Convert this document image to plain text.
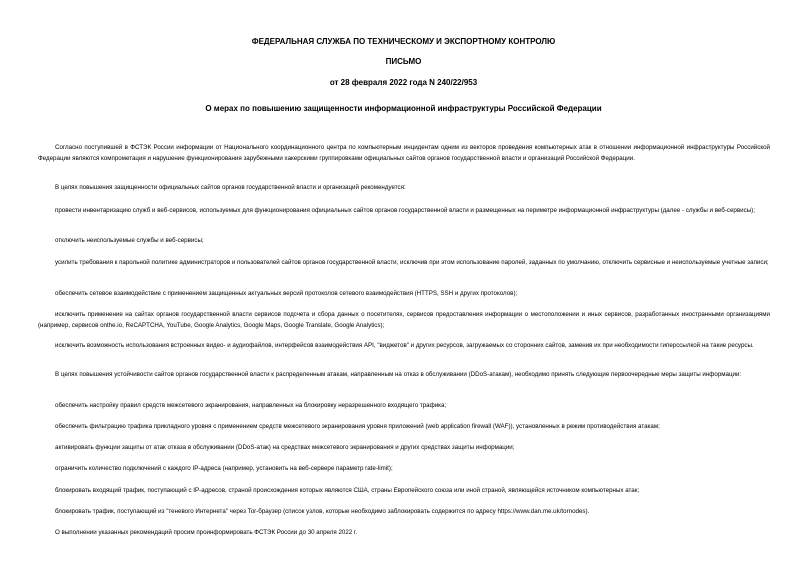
ФЕДЕРАЛЬНАЯ СЛУЖБА ПО ТЕХНИЧЕСКОМУ И ЭКСПОРТНОМУ КОНТРОЛЮ
ПИСЬМО
от 28 февраля 2022 года N 240/22/953
О мерах по повышению защищенности информационной инфраструктуры Российской Федерации

Согласно поступившей в ФСТЭК России информации от Национального координационного центра по компьютерным инцидентам одним из векторов проведения компьютерных атак в отношении информационной инфраструктуры Российской Федерации являются компрометация и нарушение функционирования зарубежными хакерскими группировками официальных сайтов органов государственной власти и организаций Российской Федерации.

В целях повышения защищенности официальных сайтов органов государственной власти и организаций рекомендуется:

провести инвентаризацию служб и веб-сервисов, используемых для функционирования официальных сайтов органов государственной власти и размещенных на периметре информационной инфраструктуры (далее - службы и веб-сервисы);

отключить неиспользуемые службы и веб-сервисы;

усилить требования к парольной политике администраторов и пользователей сайтов органов государственной власти, исключив при этом использование паролей, заданных по умолчанию, отключить сервисные и неиспользуемые учетные записи;

обеспечить сетевое взаимодействие с применением защищенных актуальных версий протоколов сетевого взаимодействия (HTTPS, SSH и других протоколов);

исключить применение на сайтах органов государственной власти сервисов подсчета и сбора данных о посетителях, сервисов предоставления информации о местоположении и иных сервисов, разработанных иностранными организациями (например, сервисов onthe.io, ReCAPTCHA, YouTube, Google Analytics, Google Maps, Google Translate, Google Analytics);

исключить возможность использования встроенных видео- и аудиофайлов, интерфейсов взаимодействия API, "виджетов" и других ресурсов, загружаемых со сторонних сайтов, заменив их при необходимости гиперссылкой на такие ресурсы.

В целях повышения устойчивости сайтов органов государственной власти к распределенным атакам, направленным на отказ в обслуживании (DDoS-атакам), необходимо принять следующие первоочередные меры защиты информации:

обеспечить настройку правил средств межсетевого экранирования, направленных на блокировку неразрешенного входящего трафика;

обеспечить фильтрацию трафика прикладного уровня с применением средств межсетевого экранирования уровня приложений (web application firewall (WAF)), установленных в режим противодействия атакам;

активировать функции защиты от атак отказа в обслуживании (DDoS-атак) на средствах межсетевого экранирования и других средствах защиты информации;

ограничить количество подключений с каждого IP-адреса (например, установить на веб-сервере параметр rate-limit);

блокировать входящий трафик, поступающий с IP-адресов, страной происхождения которых являются США, страны Европейского союза или иной страной, являющейся источником компьютерных атак;

блокировать трафик, поступающий из "теневого Интернета" через Tor-браузер (список узлов, которые необходимо заблокировать содержится по адресу https://www.dan.me.uk/tornodes).

О выполнении указанных рекомендаций просим проинформировать ФСТЭК России до 30 апреля 2022 г.
